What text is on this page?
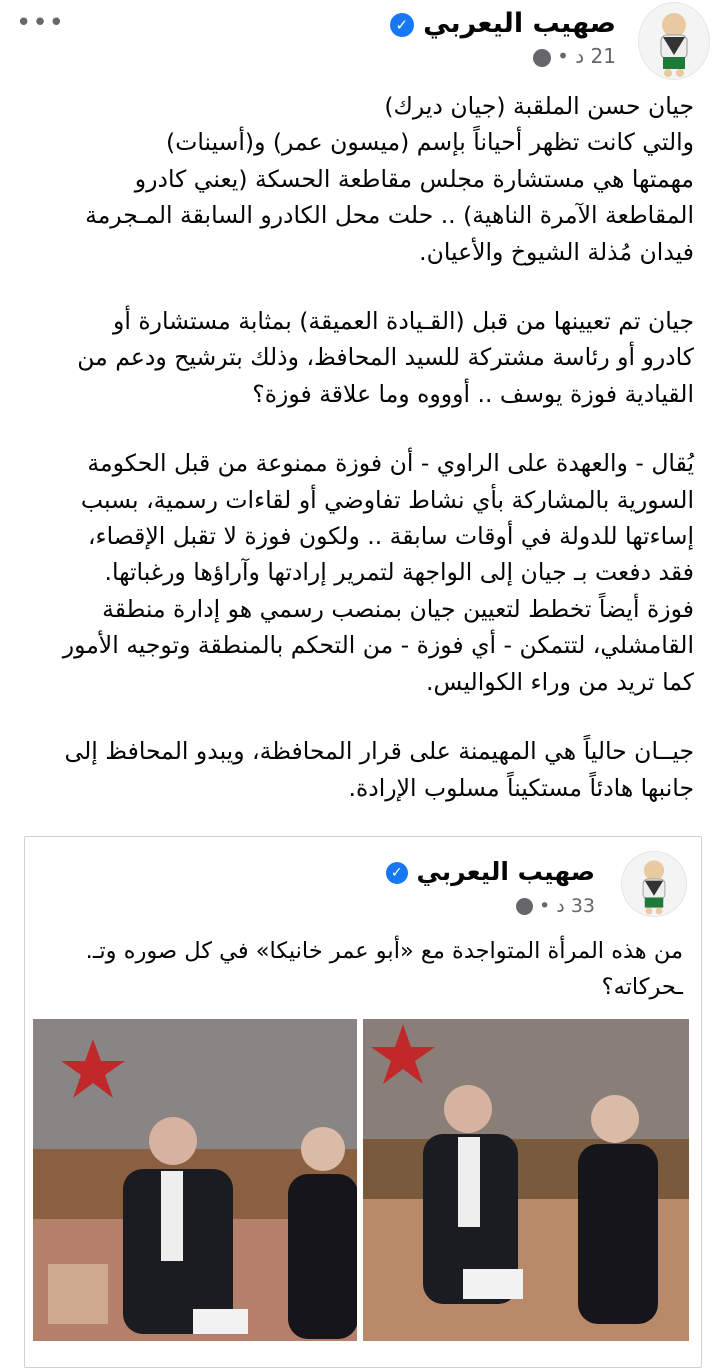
صهيب اليعربي ✓
21 د •
•••
جيان حسن الملقبة (جيان ديرك)
والتي كانت تظهر أحياناً بإسم (ميسون عمر) و(أسينات)
مهمتها هي مستشارة مجلس مقاطعة الحسكة (يعني كادرو
المقاطعة الآمرة الناهية) .. حلت محل الكادرو السابقة المـجرمة
فيدان مُذلة الشيوخ والأعيان.
جيان تم تعيينها من قبل (القـيادة العميقة) بمثابة مستشارة أو
كادرو أو رئاسة مشتركة للسيد المحافظ، وذلك بترشيح ودعم من
القيادية فوزة يوسف .. أوووه وما علاقة فوزة؟
يُقال - والعهدة على الراوي - أن فوزة ممنوعة من قبل الحكومة
السورية بالمشاركة بأي نشاط تفاوضي أو لقاءات رسمية، بسبب
إساءتها للدولة في أوقات سابقة .. ولكون فوزة لا تقبل الإقصاء،
فقد دفعت بـ جيان إلى الواجهة لتمرير إرادتها وآراؤها ورغباتها.
فوزة أيضاً تخطط لتعيين جيان بمنصب رسمي هو إدارة منطقة
القامشلي، لتتمكن - أي فوزة - من التحكم بالمنطقة وتوجيه الأمور
كما تريد من وراء الكواليس.
جيــان حالياً هي المهيمنة على قرار المحافظة، ويبدو المحافظ إلى
جانبها هادئاً مستكيناً مسلوب الإرادة.
صهيب اليعربي ✓
33 د •
من هذه المرأة المتواجدة مع «أبو عمر خانيكا» في كل صوره وتـ.
ـحركاته؟
